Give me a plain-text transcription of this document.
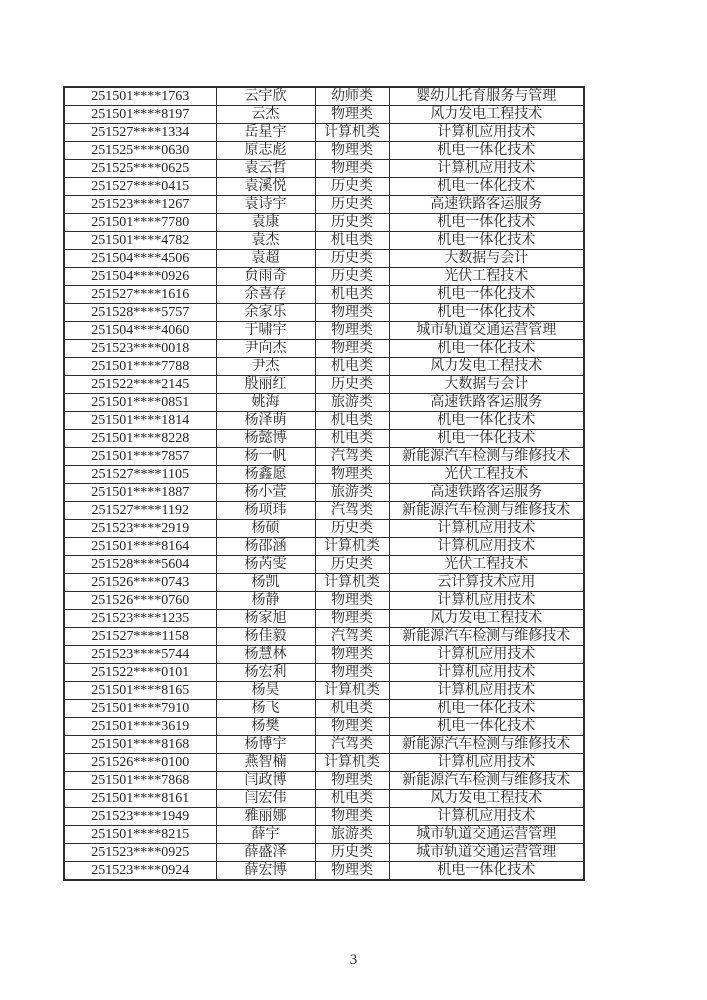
251501****1763	云宇欣	幼师类	婴幼儿托育服务与管理
251501****8197	云杰	物理类	风力发电工程技术
251527****1334	岳星宇	计算机类	计算机应用技术
251525****0630	原志彪	物理类	机电一体化技术
251525****0625	袁云哲	物理类	计算机应用技术
251527****0415	袁溪悦	历史类	机电一体化技术
251523****1267	袁诗宇	历史类	高速铁路客运服务
251501****7780	袁康	历史类	机电一体化技术
251501****4782	袁杰	机电类	机电一体化技术
251504****4506	袁超	历史类	大数据与会计
251504****0926	贠雨奇	历史类	光伏工程技术
251527****1616	余喜存	机电类	机电一体化技术
251528****5757	余家乐	物理类	机电一体化技术
251504****4060	于啸宇	物理类	城市轨道交通运营管理
251523****0018	尹向杰	物理类	机电一体化技术
251501****7788	尹杰	机电类	风力发电工程技术
251522****2145	殷丽红	历史类	大数据与会计
251501****0851	姚海	旅游类	高速铁路客运服务
251501****1814	杨泽萌	机电类	机电一体化技术
251501****8228	杨懿博	机电类	机电一体化技术
251501****7857	杨一帆	汽驾类	新能源汽车检测与维修技术
251527****1105	杨鑫愿	物理类	光伏工程技术
251501****1887	杨小萱	旅游类	高速铁路客运服务
251527****1192	杨项玮	汽驾类	新能源汽车检测与维修技术
251523****2919	杨硕	历史类	计算机应用技术
251501****8164	杨邵涵	计算机类	计算机应用技术
251528****5604	杨芮雯	历史类	光伏工程技术
251526****0743	杨凯	计算机类	云计算技术应用
251526****0760	杨静	物理类	计算机应用技术
251523****1235	杨家旭	物理类	风力发电工程技术
251527****1158	杨佳毅	汽驾类	新能源汽车检测与维修技术
251523****5744	杨慧林	物理类	计算机应用技术
251522****0101	杨宏利	物理类	计算机应用技术
251501****8165	杨昊	计算机类	计算机应用技术
251501****7910	杨飞	机电类	机电一体化技术
251501****3619	杨樊	物理类	机电一体化技术
251501****8168	杨博宇	汽驾类	新能源汽车检测与维修技术
251526****0100	燕智楠	计算机类	计算机应用技术
251501****7868	闫政博	物理类	新能源汽车检测与维修技术
251501****8161	闫宏伟	机电类	风力发电工程技术
251523****1949	雅丽娜	物理类	计算机应用技术
251501****8215	薛宇	旅游类	城市轨道交通运营管理
251523****0925	薛盛泽	历史类	城市轨道交通运营管理
251523****0924	薛宏博	物理类	机电一体化技术
3
